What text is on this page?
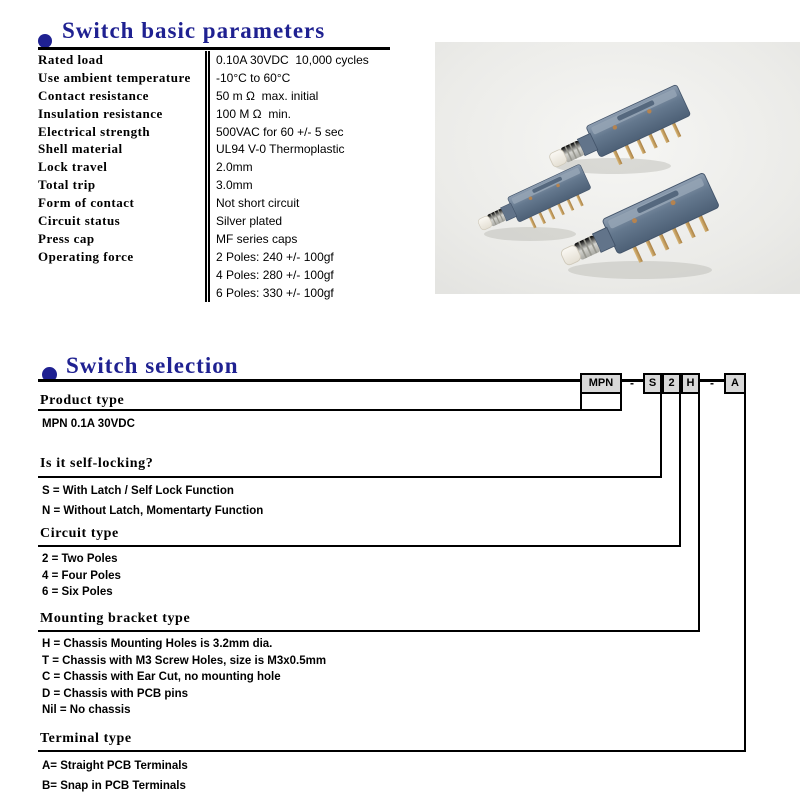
Switch basic parameters
Rated load	0.10A 30VDC  10,000 cycles
Use ambient temperature	-10°C to 60°C
Contact resistance	50 m Ω  max. initial
Insulation resistance	100 M Ω  min.
Electrical strength	500VAC for 60 +/- 5 sec
Shell material	UL94 V-0 Thermoplastic
Lock travel	2.0mm
Total trip	3.0mm
Form of contact	Not short circuit
Circuit status	Silver plated
Press cap	MF series caps
Operating force	2 Poles: 240 +/- 100gf
4 Poles: 280 +/- 100gf
6 Poles: 330 +/- 100gf
Switch selection
MPN	-	S	2	H	-	A
Product type
MPN 0.1A 30VDC
Is it self-locking?
S = With Latch / Self Lock Function
N = Without Latch, Momentarty Function
Circuit type
2 = Two Poles
4 = Four Poles
6 = Six Poles
Mounting bracket type
H = Chassis Mounting Holes is 3.2mm dia.
T = Chassis with M3 Screw Holes, size is M3x0.5mm
C = Chassis with Ear Cut, no mounting hole
D = Chassis with PCB pins
Nil = No chassis
Terminal type
A= Straight PCB Terminals
B= Snap in PCB Terminals
